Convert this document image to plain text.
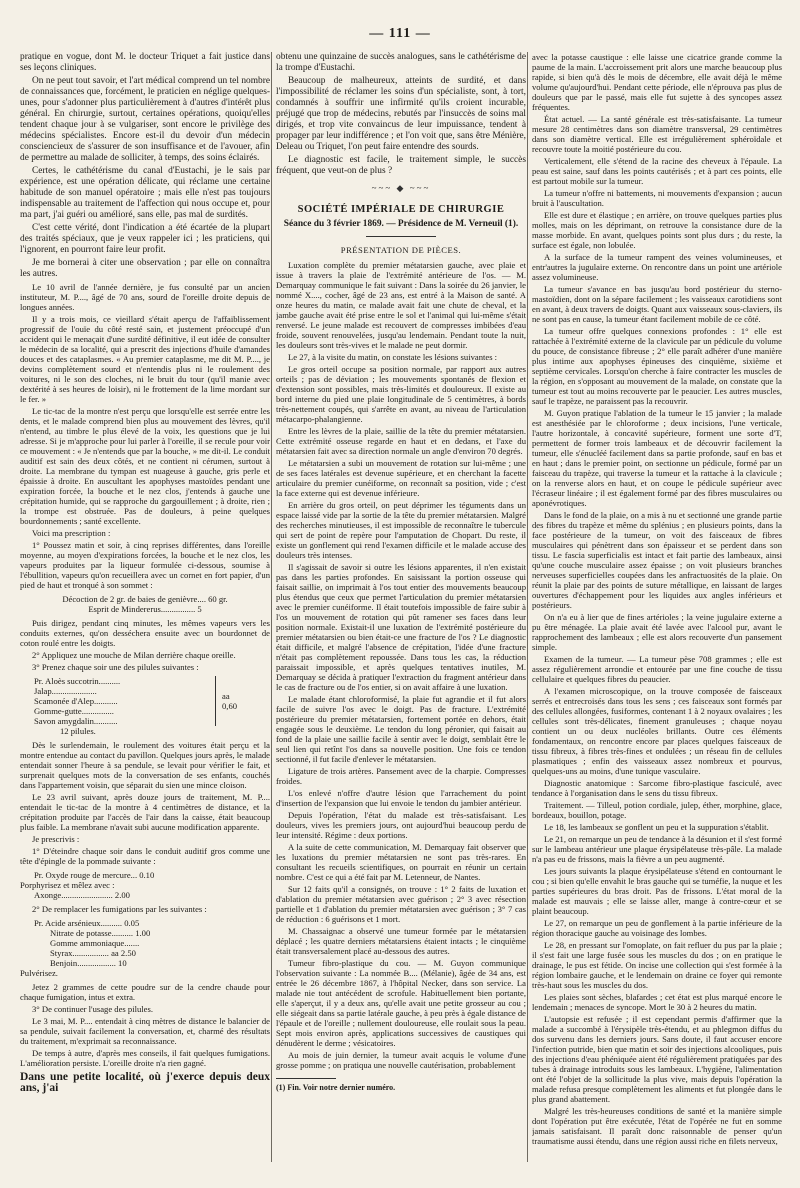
— 111 —

pratique en vogue, dont M. le docteur Triquet a fait justice dans ses leçons cliniques.

On ne peut tout savoir, et l'art médical comprend un tel nombre de connaissances que, forcément, le praticien en néglige quelques-unes, pour s'adonner plus particulièrement à d'autres d'intérêt plus général. En chirurgie, surtout, certaines opérations, quoiqu'elles tendent chaque jour à se vulgariser, sont encore le privilège des médecins spécialistes. Encore est-il du devoir d'un médecin consciencieux de s'assurer de son insuffisance et de l'avouer, afin de permettre au malade de solliciter, à temps, des soins éclairés.

Certes, le cathétérisme du canal d'Eustachi, je le sais par expérience, est une opération délicate, qui réclame une certaine habitude de son manuel opératoire ; mais elle n'est pas toujours indispensable au traitement de l'affection qui nous occupe et, pour ma part, j'ai guéri ou amélioré, sans elle, pas mal de surdités.

C'est cette vérité, dont l'indication a été écartée de la plupart des traités spéciaux, que je veux rappeler ici ; les praticiens, qui l'ignorent, en pourront faire leur profit.

Je me bornerai à citer une observation ; par elle on connaîtra les autres.

Le 10 avril de l'année dernière, je fus consulté par un ancien instituteur, M. P...., âgé de 70 ans, sourd de l'oreille droite depuis de longues années.

Il y a trois mois, ce vieillard s'était aperçu de l'affaiblissement progressif de l'ouïe du côté resté sain, et justement préoccupé d'un accident qui le menaçait d'une surdité définitive, il eut idée de consulter le médecin de sa localité, qui a prescrit des injections d'huile d'amandes douces et des cataplasmes. « Au premier cataplasme, me dit M. P...., je devins complètement sourd et n'entendis plus ni le roulement des voitures, ni le son des cloches, ni le bruit du tour (qu'il manie avec dextérité à ses heures de loisir), ni le frottement de la lime mordant sur le fer. »

Le tic-tac de la montre n'est perçu que lorsqu'elle est serrée entre les dents, et le malade comprend bien plus au mouvement des lèvres, qu'il n'entend, au timbre le plus élevé de la voix, les questions que je lui adresse. Si je m'approche pour lui parler à l'oreille, il se recule pour voir ce mouvement : « Je n'entends que par la bouche, » me dit-il. Le conduit auditif est sain des deux côtés, et ne contient ni cérumen, surtout à droite. La membrane du tympan est nuageuse à gauche, gris perle et épaissie à droite. En auscultant les apophyses mastoïdes pendant une expiration forcée, la bouche et le nez clos, j'entends à gauche une crépitation humide, qui se rapproche du gargouillement ; à droite, rien ; la trompe est obstruée. Pas de douleurs, à peine quelques bourdonnements ; santé excellente.

Voici ma prescription :

1° Poussez matin et soir, à cinq reprises différentes, dans l'oreille moyenne, au moyen d'expirations forcées, la bouche et le nez clos, les vapeurs produites par la liqueur formulée ci-dessous, soumise à l'ébullition, vapeurs qu'on recueillera avec un cornet en fort papier, d'un pied de haut et tronqué à son sommet :

Décoction de 2 gr. de baies de genièvre.... 60 gr.
Esprit de Mindererus................ 5

Puis dirigez, pendant cinq minutes, les mêmes vapeurs vers les conduits externes, qu'on desséchera ensuite avec un bourdonnet de coton roulé entre les doigts.

2° Appliquez une mouche de Milan derrière chaque oreille.

3° Prenez chaque soir une des pilules suivantes :

Pr. Aloès succotrin..........
Jalap.....................
Scamonée d'Alep...........
Gomme-gutte...............
Savon amygdalin...........
aa
0,60
12 pilules.

Dès le surlendemain, le roulement des voitures était perçu et la montre entendue au contact du pavillon. Quelques jours après, le malade entendait sonner l'heure à sa pendule, se levait pour vérifier le fait, et surprenait quelques mots de la conversation de ses enfants, couchés dans l'appartement voisin, que séparait du sien une mince cloison.

Le 23 avril suivant, après douze jours de traitement, M. P.... entendait le tic-tac de la montre à 4 centimètres de distance, et la crépitation produite par l'accès de l'air dans la caisse, était beaucoup plus faible. La membrane n'avait subi aucune modification apparente.

Je prescrivis :

1° D'éteindre chaque soir dans le conduit auditif gros comme une tête d'épingle de la pommade suivante :

Pr. Oxyde rouge de mercure... 0.10
Porphyrisez et mêlez avec :
Axonge........................ 2.00

2° De remplacer les fumigations par les suivantes :

Pr. Acide arsénieux.......... 0.05
Nitrate de potasse.......... 1.00
Gomme ammoniaque.......
Styrax................. aa 2.50
Benjoin.................. 10
Pulvérisez.

Jetez 2 grammes de cette poudre sur de la cendre chaude pour chaque fumigation, intus et extra.

3° De continuer l'usage des pilules.

Le 3 mai, M. P.... entendait à cinq mètres de distance le balancier de sa pendule, suivait facilement la conversation, et, charmé des résultats du traitement, m'exprimait sa reconnaissance.

De temps à autre, d'après mes conseils, il fait quelques fumigations. L'amélioration persiste. L'oreille droite n'a rien gagné.

Dans une petite localité, où j'exerce depuis deux ans, j'ai

obtenu une quinzaine de succès analogues, sans le cathétérisme de la trompe d'Eustachi.

Beaucoup de malheureux, atteints de surdité, et dans l'impossibilité de réclamer les soins d'un spécialiste, sont, à tort, condamnés à souffrir une infirmité qu'ils croient incurable, préjugé que trop de médecins, rebutés par l'insuccès de soins mal dirigés, et trop vite convaincus de leur impuissance, tendent à propager par leur indifférence ; et l'on voit que, sans être Ménière, Deleau ou Triquet, l'on peut faire entendre des sourds.

Le diagnostic est facile, le traitement simple, le succès fréquent, que veut-on de plus ?

~~~ ◆ ~~~
SOCIÉTÉ IMPÉRIALE DE CHIRURGIE
Séance du 3 février 1869. — Présidence de M. Verneuil (1).
PRÉSENTATION DE PIÈCES.

Luxation complète du premier métatarsien gauche, avec plaie et issue à travers la plaie de l'extrémité antérieure de l'os. — M. Demarquay communique le fait suivant : Dans la soirée du 26 janvier, le nommé X...., cocher, âgé de 23 ans, est entré à la Maison de santé. A onze heures du matin, ce malade avait fait une chute de cheval, et la jambe gauche avait été prise entre le sol et l'animal qui lui-même s'était renversé. Le jeune malade est recouvert de compresses imbibées d'eau froide, souvent renouvelées, jusqu'au lendemain. Pendant toute la nuit, les douleurs sont très-vives et le malade ne peut dormir.

Le 27, à la visite du matin, on constate les lésions suivantes :

Le gros orteil occupe sa position normale, par rapport aux autres orteils ; pas de déviation ; les mouvements spontanés de flexion et d'extension sont possibles, mais très-limités et douloureux. Il existe au bord interne du pied une plaie longitudinale de 5 centimètres, à bords très-nettement coupés, qui s'arrête en avant, au niveau de l'articulation métacarpo-phalangienne.

Entre les lèvres de la plaie, saillie de la tête du premier métatarsien. Cette extrémité osseuse regarde en haut et en dedans, et l'axe du métatarsien fait avec sa direction normale un angle d'environ 70 degrés.

Le métatarsien a subi un mouvement de rotation sur lui-même ; une de ses faces latérales est devenue supérieure, et en cherchant la facette articulaire du premier cunéiforme, on reconnaît sa position, vide ; c'est la face externe qui est devenue inférieure.

En arrière du gros orteil, on peut déprimer les téguments dans un espace laissé vide par la sortie de la tête du premier métatarsien. Malgré des recherches minutieuses, il est impossible de reconnaître le tubercule qui sert de point de repère pour l'amputation de Chopart. Du reste, il existe un gonflement qui rend l'examen difficile et le malade accuse des douleurs très intenses.

Il s'agissait de savoir si outre les lésions apparentes, il n'en existait pas dans les parties profondes. En saisissant la portion osseuse qui faisait saillie, on imprimait à l'os tout entier des mouvements beaucoup plus étendus que ceux que permet l'articulation du premier métatarsien avec le premier cunéiforme. Il était toutefois impossible de faire subir à l'os un mouvement de rotation qui pût ramener ses faces dans leur position normale. Existait-il une luxation de l'extrémité postérieure du premier métatarsien ou bien était-ce une fracture de l'os ? Le diagnostic était difficile, et malgré l'absence de crépitation, l'idée d'une fracture n'était pas complètement repoussée. Dans tous les cas, la réduction paraissait impossible, et après quelques tentatives inutiles, M. Demarquay se décida à pratiquer l'extraction du fragment antérieur dans le cas de fracture ou de l'os entier, si on avait affaire à une luxation.

Le malade étant chloroformisé, la plaie fut agrandie et il fut alors facile de suivre l'os avec le doigt. Pas de fracture. L'extrémité postérieure du premier métatarsien, fortement portée en dehors, était engagée sous le deuxième. Le tendon du long péronier, qui faisait au fond de la plaie une saillie facile à sentir avec le doigt, semblait être le seul lien qui retînt l'os dans sa nouvelle position. Une fois ce tendon sectionné, il fut facile d'enlever le métatarsien.

Ligature de trois artères. Pansement avec de la charpie. Compresses froides.

L'os enlevé n'offre d'autre lésion que l'arrachement du point d'insertion de l'expansion que lui envoie le tendon du jambier antérieur.

Depuis l'opération, l'état du malade est très-satisfaisant. Les douleurs, vives les premiers jours, ont aujourd'hui beaucoup perdu de leur intensité. Régime : deux portions.

A la suite de cette communication, M. Demarquay fait observer que les luxations du premier métatarsien ne sont pas très-rares. En consultant les recueils scientifiques, on pourrait en réunir un certain nombre. C'est ce qui a été fait par M. Letenneur, de Nantes.

Sur 12 faits qu'il a consignés, on trouve : 1° 2 faits de luxation et d'ablation du premier métatarsien avec guérison ; 2° 3 avec résection partielle et 1 d'ablation du premier métatarsien avec guérison ; 3° 7 cas de réduction : 6 guérisons et 1 mort.

M. Chassaignac a observé une tumeur formée par le métatarsien déplacé ; les quatre derniers métatarsiens étaient intacts ; le cinquième était transversalement placé au-dessous des autres.

Tumeur fibro-plastique du cou. — M. Guyon communique l'observation suivante : La nommée B.... (Mélanie), âgée de 34 ans, est entrée le 26 décembre 1867, à l'hôpital Necker, dans son service. La malade nie tout antécédent de scrofule. Habituellement bien portante, elle s'aperçut, il y a deux ans, qu'elle avait une petite grosseur au cou ; elle siégeait dans sa partie latérale gauche, à peu près à égale distance de l'épaule et de l'oreille ; nullement douloureuse, elle roulait sous la peau. Sept mois environ après, applications successives de caustiques qui dénudèrent le derme ; vésicatoires.

Au mois de juin dernier, la tumeur avait acquis le volume d'une grosse pomme ; on pratiqua une nouvelle cautérisation, probablement

(1) Fin. Voir notre dernier numéro.

avec la potasse caustique : elle laisse une cicatrice grande comme la paume de la main. L'accroissement prit alors une marche beaucoup plus rapide, si bien qu'à dès le mois de décembre, elle avait déjà le même volume qu'aujourd'hui. Pendant cette période, elle n'éprouva pas plus de douleurs que par le passé, mais elle fut sujette à des syncopes assez fréquentes.

État actuel. — La santé générale est très-satisfaisante. La tumeur mesure 28 centimètres dans son diamètre transversal, 29 centimètres dans son diamètre vertical. Elle est irrégulièrement sphéroïdale et recouvre toute la moitié postérieure du cou.

Verticalement, elle s'étend de la racine des cheveux à l'épaule. La peau est saine, sauf dans les points cautérisés ; et à part ces points, elle est partout mobile sur la tumeur.

La tumeur n'offre ni battements, ni mouvements d'expansion ; aucun bruit à l'auscultation.

Elle est dure et élastique ; en arrière, on trouve quelques parties plus molles, mais on les déprimant, on retrouve la consistance dure de la masse morbide. En avant, quelques points sont plus durs ; du reste, la surface est égale, non lobulée.

A la surface de la tumeur rampent des veines volumineuses, et entr'autres la jugulaire externe. On rencontre dans un point une artériole assez volumineuse.

La tumeur s'avance en bas jusqu'au bord postérieur du sterno-mastoïdien, dont on la sépare facilement ; les vaisseaux carotidiens sont en avant, à deux travers de doigts. Quant aux vaisseaux sous-claviers, ils ne sont pas en cause, la tumeur étant facilement mobile de ce côté.

La tumeur offre quelques connexions profondes : 1° elle est rattachée à l'extrémité externe de la clavicule par un pédicule du volume du pouce, de consistance fibreuse ; 2° elle paraît adhérer d'une manière plus intime aux apophyses épineuses des cinquième, sixième et septième cervicales. Lorsqu'on cherche à faire contracter les muscles de la région, en s'opposant au mouvement de la malade, on constate que la tumeur est tout au moins recouverte par le peaucier. Les autres muscles, sauf le trapèze, ne paraissent pas la recouvrir.

M. Guyon pratique l'ablation de la tumeur le 15 janvier ; la malade est anesthésiée par le chloroforme ; deux incisions, l'une verticale, l'autre horizontale, à concavité supérieure, forment une sorte d'T, permettent de former trois lambeaux et de découvrir facilement la tumeur, elle s'énucléé facilement dans sa partie profonde, sauf en bas et en haut ; dans le premier point, on sectionne un pédicule, formé par un faisceau du trapèze, qui traverse la tumeur et la rattache à la clavicule ; on la renverse alors en haut, et on coupe le pédicule supérieur avec l'écraseur linéaire ; il est également formé par des fibres musculaires ou aponévrotiques.

Dans le fond de la plaie, on a mis à nu et sectionné une grande partie des fibres du trapèze et même du splénius ; en plusieurs points, dans la face postérieure de la tumeur, on voit des faisceaux de fibres musculaires qui pénètrent dans son épaisseur et se perdent dans son tissu. Le fascia superficialis est intact et fait partie des lambeaux, ainsi qu'une couche musculaire assez épaisse ; on voit plusieurs branches nerveuses superficielles coupées dans les anfractuosités de la plaie. On réunit la plaie par des points de suture métallique, en laissant de larges ouvertures d'échappement pour les liquides aux angles inférieurs et postérieurs.

On n'a eu à lier que de fines artérioles ; la veine jugulaire externe a pu être ménagée. La plaie avait été lavée avec l'alcool pur, avant le rapprochement des lambeaux ; elle est alors recouverte d'un pansement simple.

Examen de la tumeur. — La tumeur pèse 708 grammes ; elle est assez régulièrement arrondie et entourée par une fine couche de tissu cellulaire et quelques fibres du peaucier.

A l'examen microscopique, on la trouve composée de faisceaux serrés et entrecroisés dans tous les sens ; ces faisceaux sont formés par des cellules allongées, fusiformes, contenant 1 à 2 noyaux ovalaires ; les cellules sont très-délicates, finement granuleuses ; chaque noyau contient un ou deux nucléoles brillants. Outre ces éléments fondamentaux, on rencontre encore par places quelques faisceaux de tissu fibreux, à fibres très-fines et ondulées ; un réseau fin de cellules plasmatiques ; enfin des vaisseaux assez nombreux et pourvus, quelques-uns au moins, d'une tunique vasculaire.

Diagnostic anatomique : Sarcome fibro-plastique fasciculé, avec tendance à l'organisation dans le sens du tissu fibreux.

Traitement. — Tilleul, potion cordiale, julep, éther, morphine, glace, bordeaux, bouillon, potage.

Le 18, les lambeaux se gonflent un peu et la suppuration s'établit.

Le 21, on remarque un peu de tendance à la désunion et il s'est formé sur le lambeau antérieur une plaque érysipélateuse très-pâle. La malade n'a pas eu de frissons, mais la fièvre a un peu augmenté.

Les jours suivants la plaque érysipélateuse s'étend en contournant le cou ; si bien qu'elle envahit le bras gauche qui se tuméfie, la nuque et les parties supérieures du bras droit. Pas de frissons. L'état moral de la malade est mauvais ; elle se laisse aller, mange à contre-cœur et se plaint beaucoup.

Le 27, on remarque un peu de gonflement à la partie inférieure de la région thoracique gauche au voisinage des lombes.

Le 28, en pressant sur l'omoplate, on fait refluer du pus par la plaie ; il s'est fait une large fusée sous les muscles du dos ; on en pratique le drainage, le pus est fétide. On incise une collection qui s'est formée à la région lombaire gauche, et le lendemain on draine ce foyer qui remonte très-haut sous les muscles du dos.

Les plaies sont sèches, blafardes ; cet état est plus marqué encore le lendemain ; menaces de syncope. Mort le 30 à 2 heures du matin.

L'autopsie est refusée ; il est cependant permis d'affirmer que la malade a succombé à l'érysipèle très-étendu, et au phlegmon diffus du dos survenu dans les derniers jours. Sans doute, il faut accuser encore l'infection putride, bien que matin et soir des injections alcooliques, puis des injections d'eau phéniquée aient été régulièrement pratiquées par des tubes à drainage introduits sous les lambeaux. L'hygiène, l'alimentation ont été l'objet de la sollicitude la plus vive, mais depuis l'opération la malade refusa presque complètement les aliments et fut plongée dans le plus grand abattement.

Malgré les très-heureuses conditions de santé et la manière simple dont l'opération put être exécutée, l'état de l'opérée ne fut en somme jamais satisfaisant. Il paraît donc raisonnable de penser qu'un traumatisme aussi étendu, dans une région aussi riche en filets nerveux,
